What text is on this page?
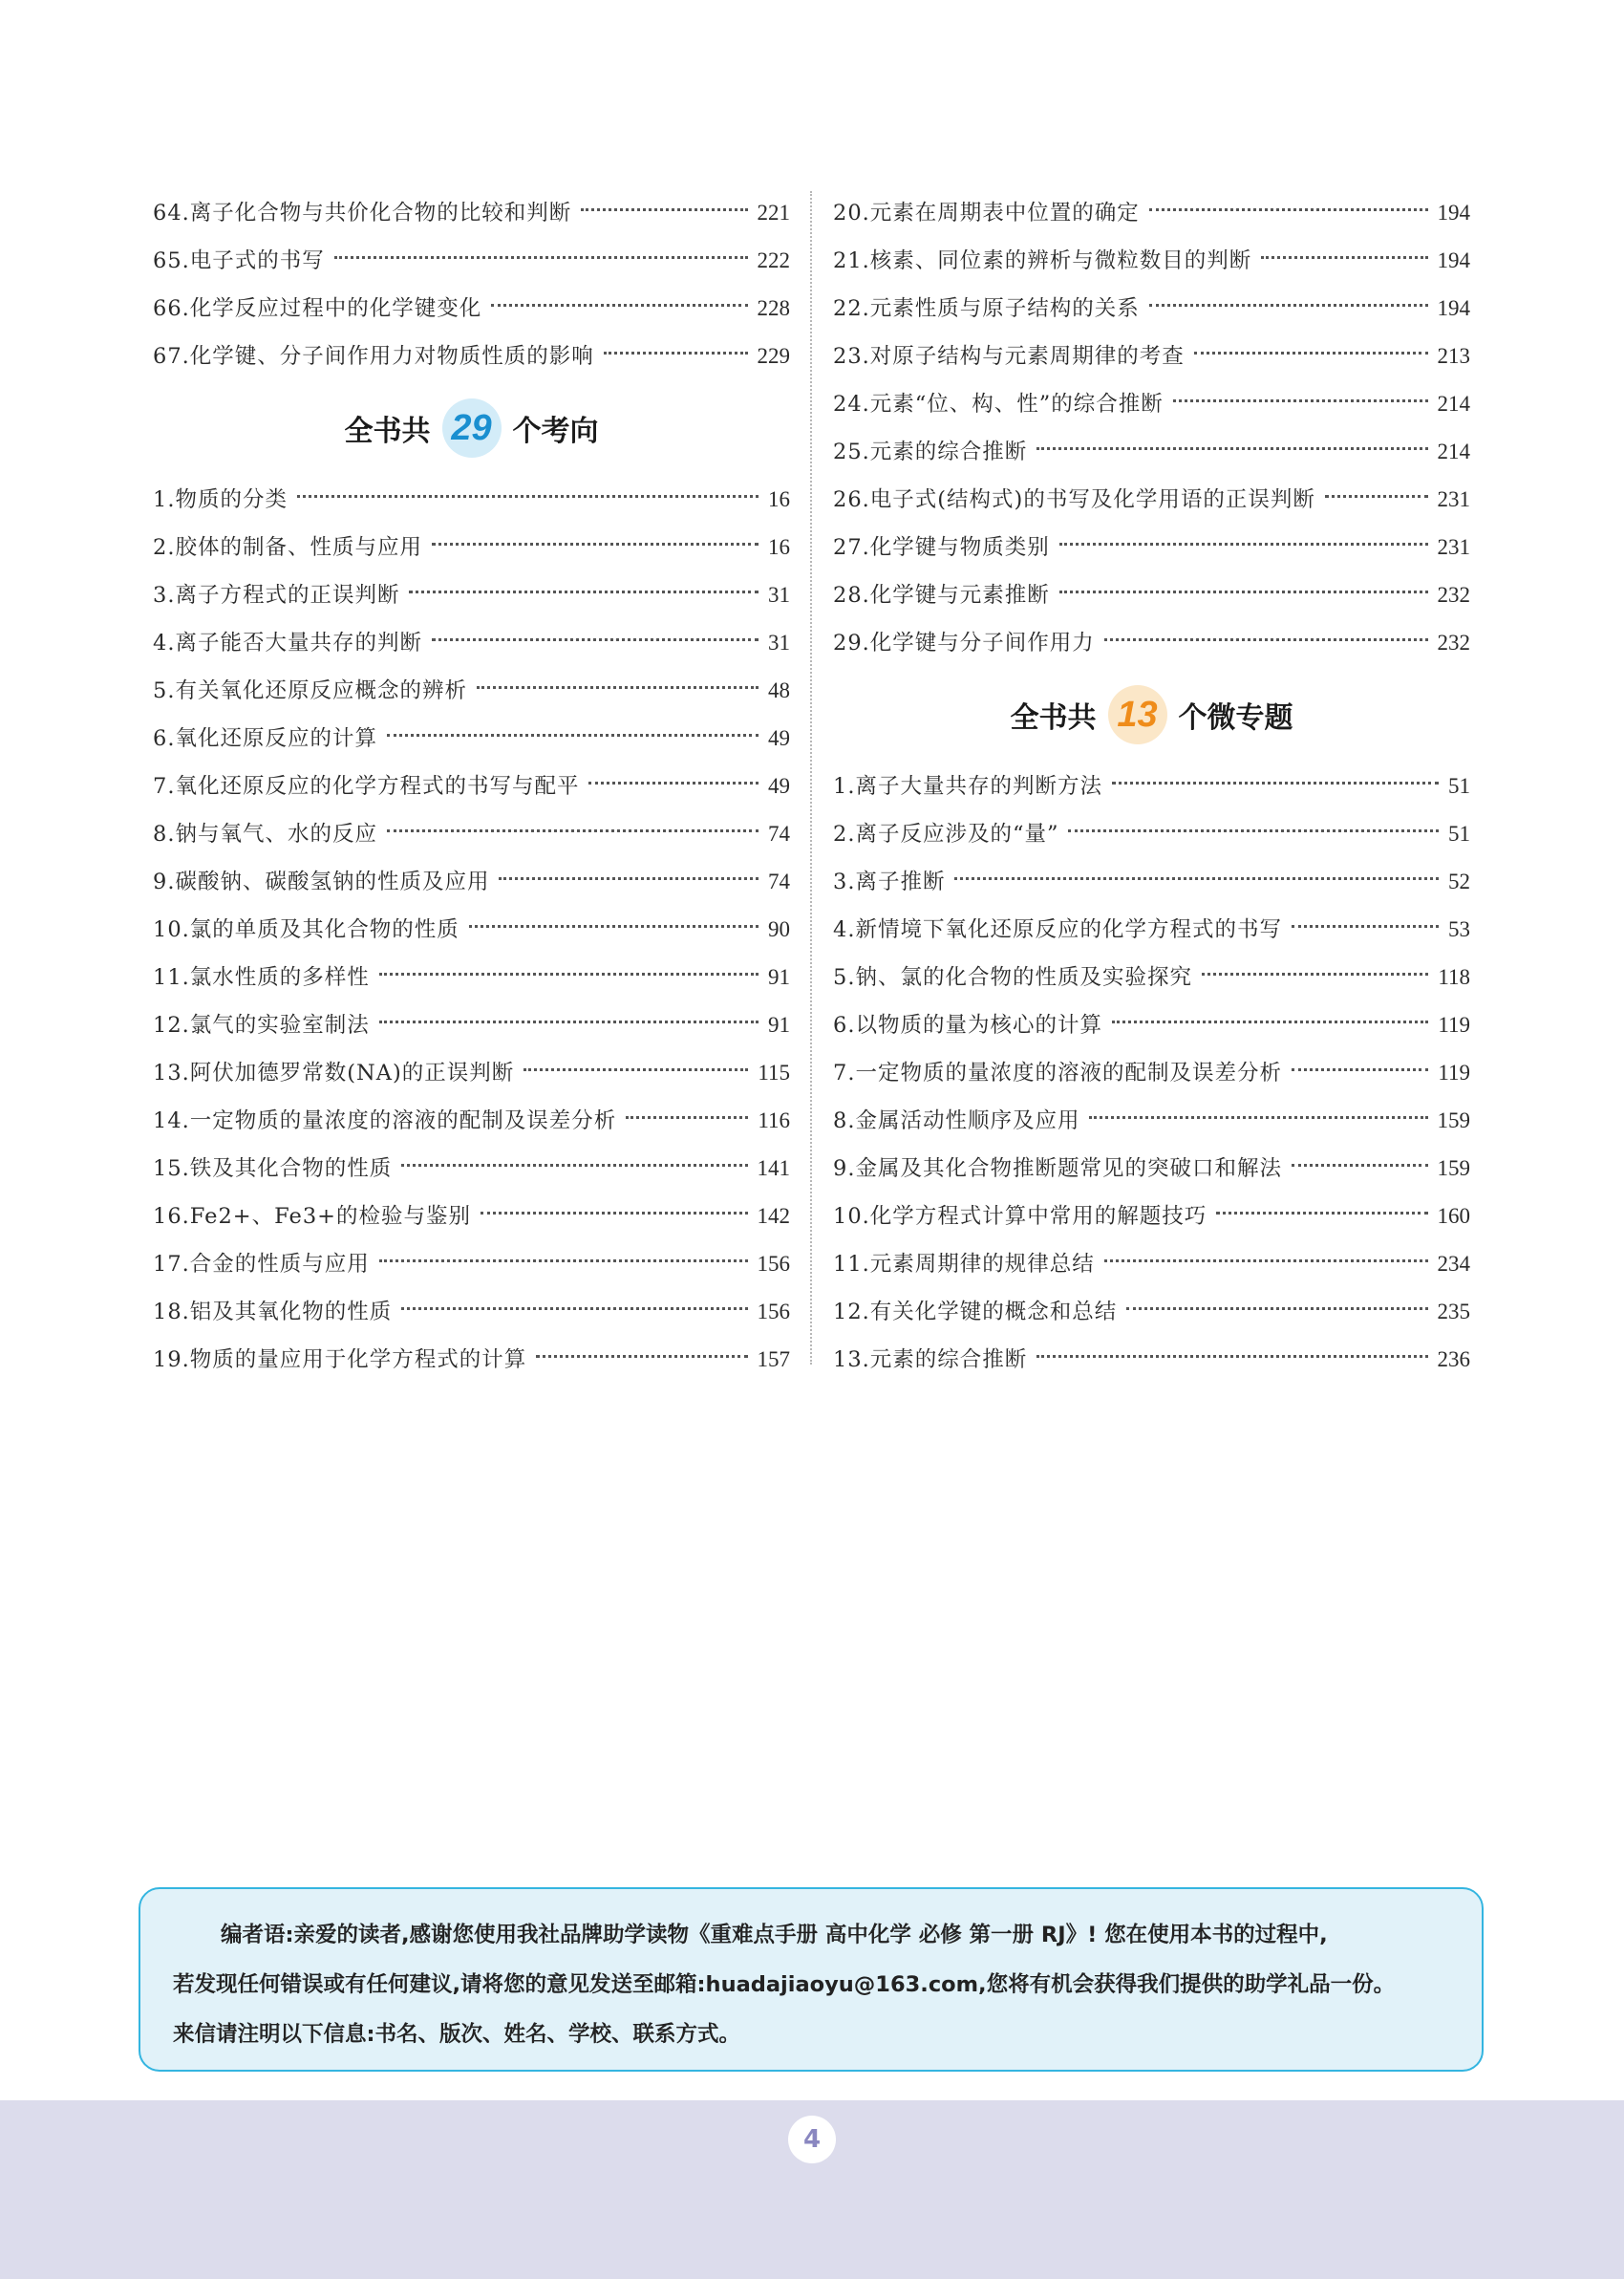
64.离子化合物与共价化合物的比较和判断	221
65.电子式的书写	222
66.化学反应过程中的化学键变化	228
67.化学键、分子间作用力对物质性质的影响	229
全书共 29 个考向
1.物质的分类	16
2.胶体的制备、性质与应用	16
3.离子方程式的正误判断	31
4.离子能否大量共存的判断	31
5.有关氧化还原反应概念的辨析	48
6.氧化还原反应的计算	49
7.氧化还原反应的化学方程式的书写与配平	49
8.钠与氧气、水的反应	74
9.碳酸钠、碳酸氢钠的性质及应用	74
10.氯的单质及其化合物的性质	90
11.氯水性质的多样性	91
12.氯气的实验室制法	91
13.阿伏加德罗常数(NA)的正误判断	115
14.一定物质的量浓度的溶液的配制及误差分析	116
15.铁及其化合物的性质	141
16.Fe2+、Fe3+的检验与鉴别	142
17.合金的性质与应用	156
18.铝及其氧化物的性质	156
19.物质的量应用于化学方程式的计算	157
20.元素在周期表中位置的确定	194
21.核素、同位素的辨析与微粒数目的判断	194
22.元素性质与原子结构的关系	194
23.对原子结构与元素周期律的考查	213
24.元素“位、构、性”的综合推断	214
25.元素的综合推断	214
26.电子式(结构式)的书写及化学用语的正误判断	231
27.化学键与物质类别	231
28.化学键与元素推断	232
29.化学键与分子间作用力	232
全书共 13 个微专题
1.离子大量共存的判断方法	51
2.离子反应涉及的“量”	51
3.离子推断	52
4.新情境下氧化还原反应的化学方程式的书写	53
5.钠、氯的化合物的性质及实验探究	118
6.以物质的量为核心的计算	119
7.一定物质的量浓度的溶液的配制及误差分析	119
8.金属活动性顺序及应用	159
9.金属及其化合物推断题常见的突破口和解法	159
10.化学方程式计算中常用的解题技巧	160
11.元素周期律的规律总结	234
12.有关化学键的概念和总结	235
13.元素的综合推断	236
编者语:亲爱的读者,感谢您使用我社品牌助学读物《重难点手册 高中化学 必修 第一册 RJ》! 您在使用本书的过程中,
若发现任何错误或有任何建议,请将您的意见发送至邮箱:huadajiaoyu@163.com,您将有机会获得我们提供的助学礼品一份。
来信请注明以下信息:书名、版次、姓名、学校、联系方式。
4
